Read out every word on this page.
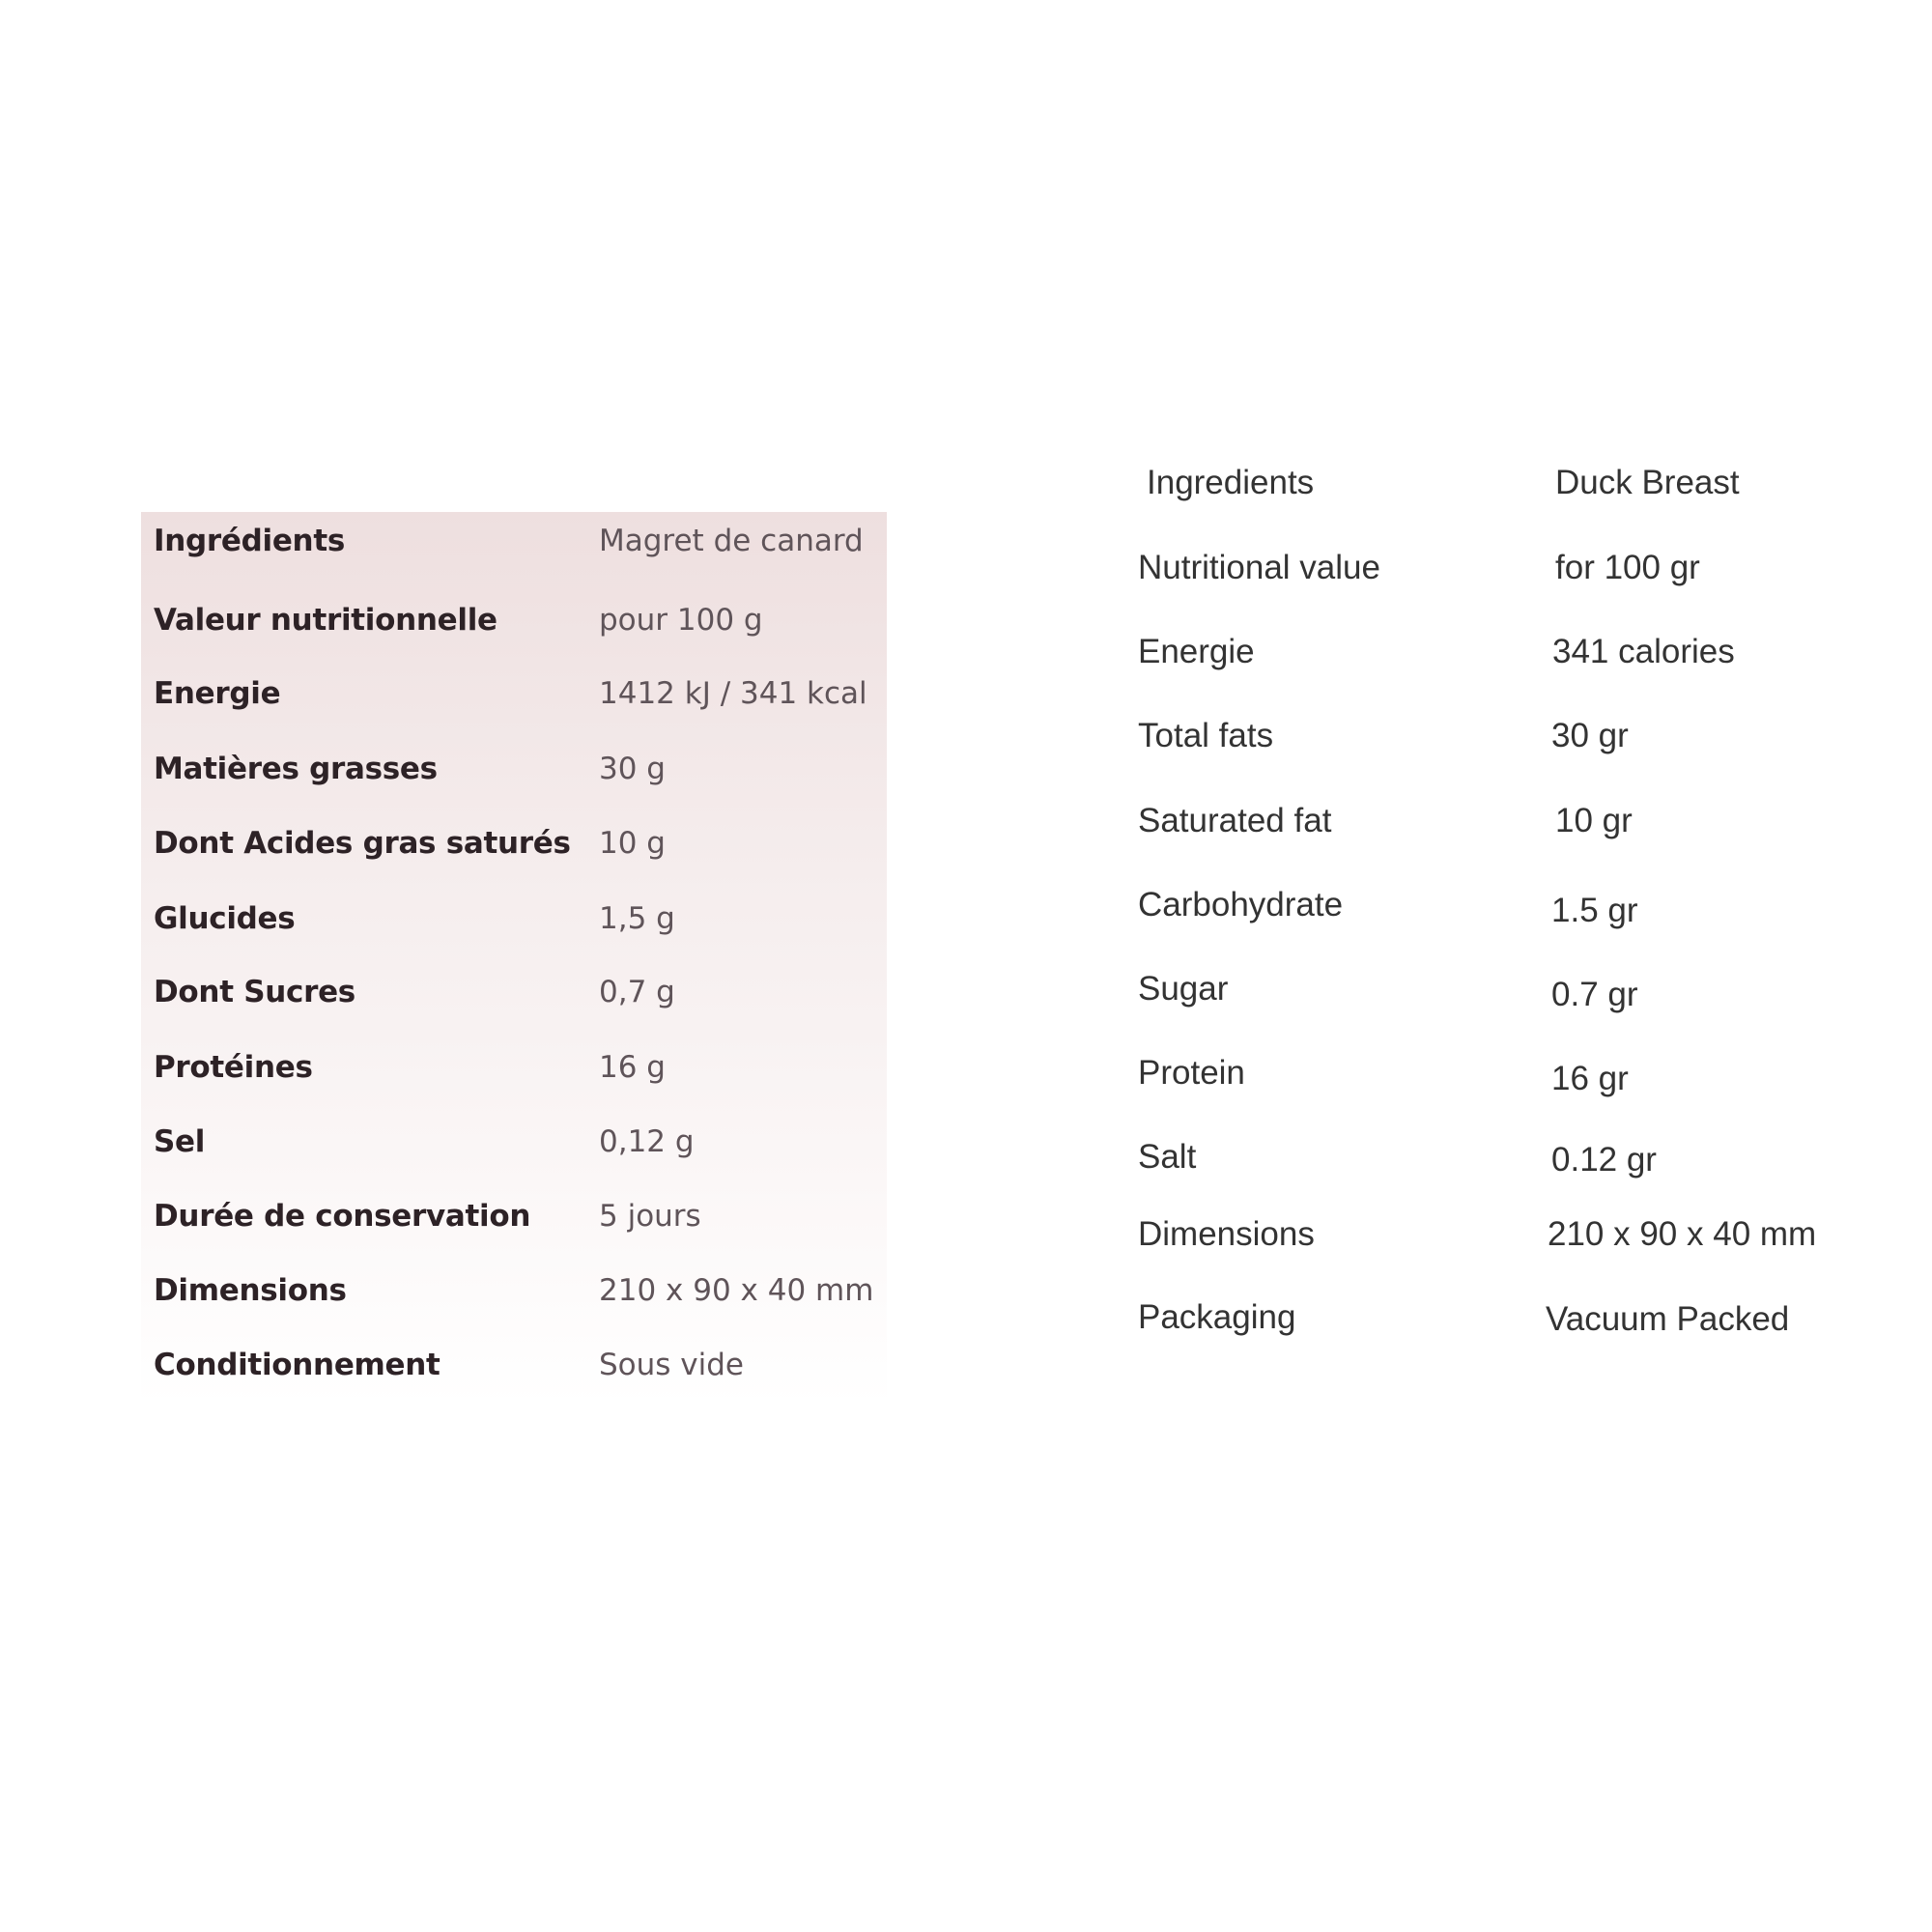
Ingrédients	Magret de canard
Valeur nutritionnelle	pour 100 g
Energie	1412 kJ / 341 kcal
Matières grasses	30 g
Dont Acides gras saturés 10 g
Glucides	1,5 g
Dont Sucres	0,7 g
Protéines	16 g
Sel	0,12 g
Durée de conservation 5 jours
Dimensions	210 x 90 x 40 mm
Conditionnement	Sous vide
Ingredients	Duck Breast
Nutritional value	for 100 gr
Energie	341 calories
Total fats	30 gr
Saturated fat	10 gr
Carbohydrate	1.5 gr
Sugar	0.7 gr
Protein	16 gr
Salt	0.12 gr
Dimensions	210 x 90 x 40 mm
Packaging	Vacuum Packed
